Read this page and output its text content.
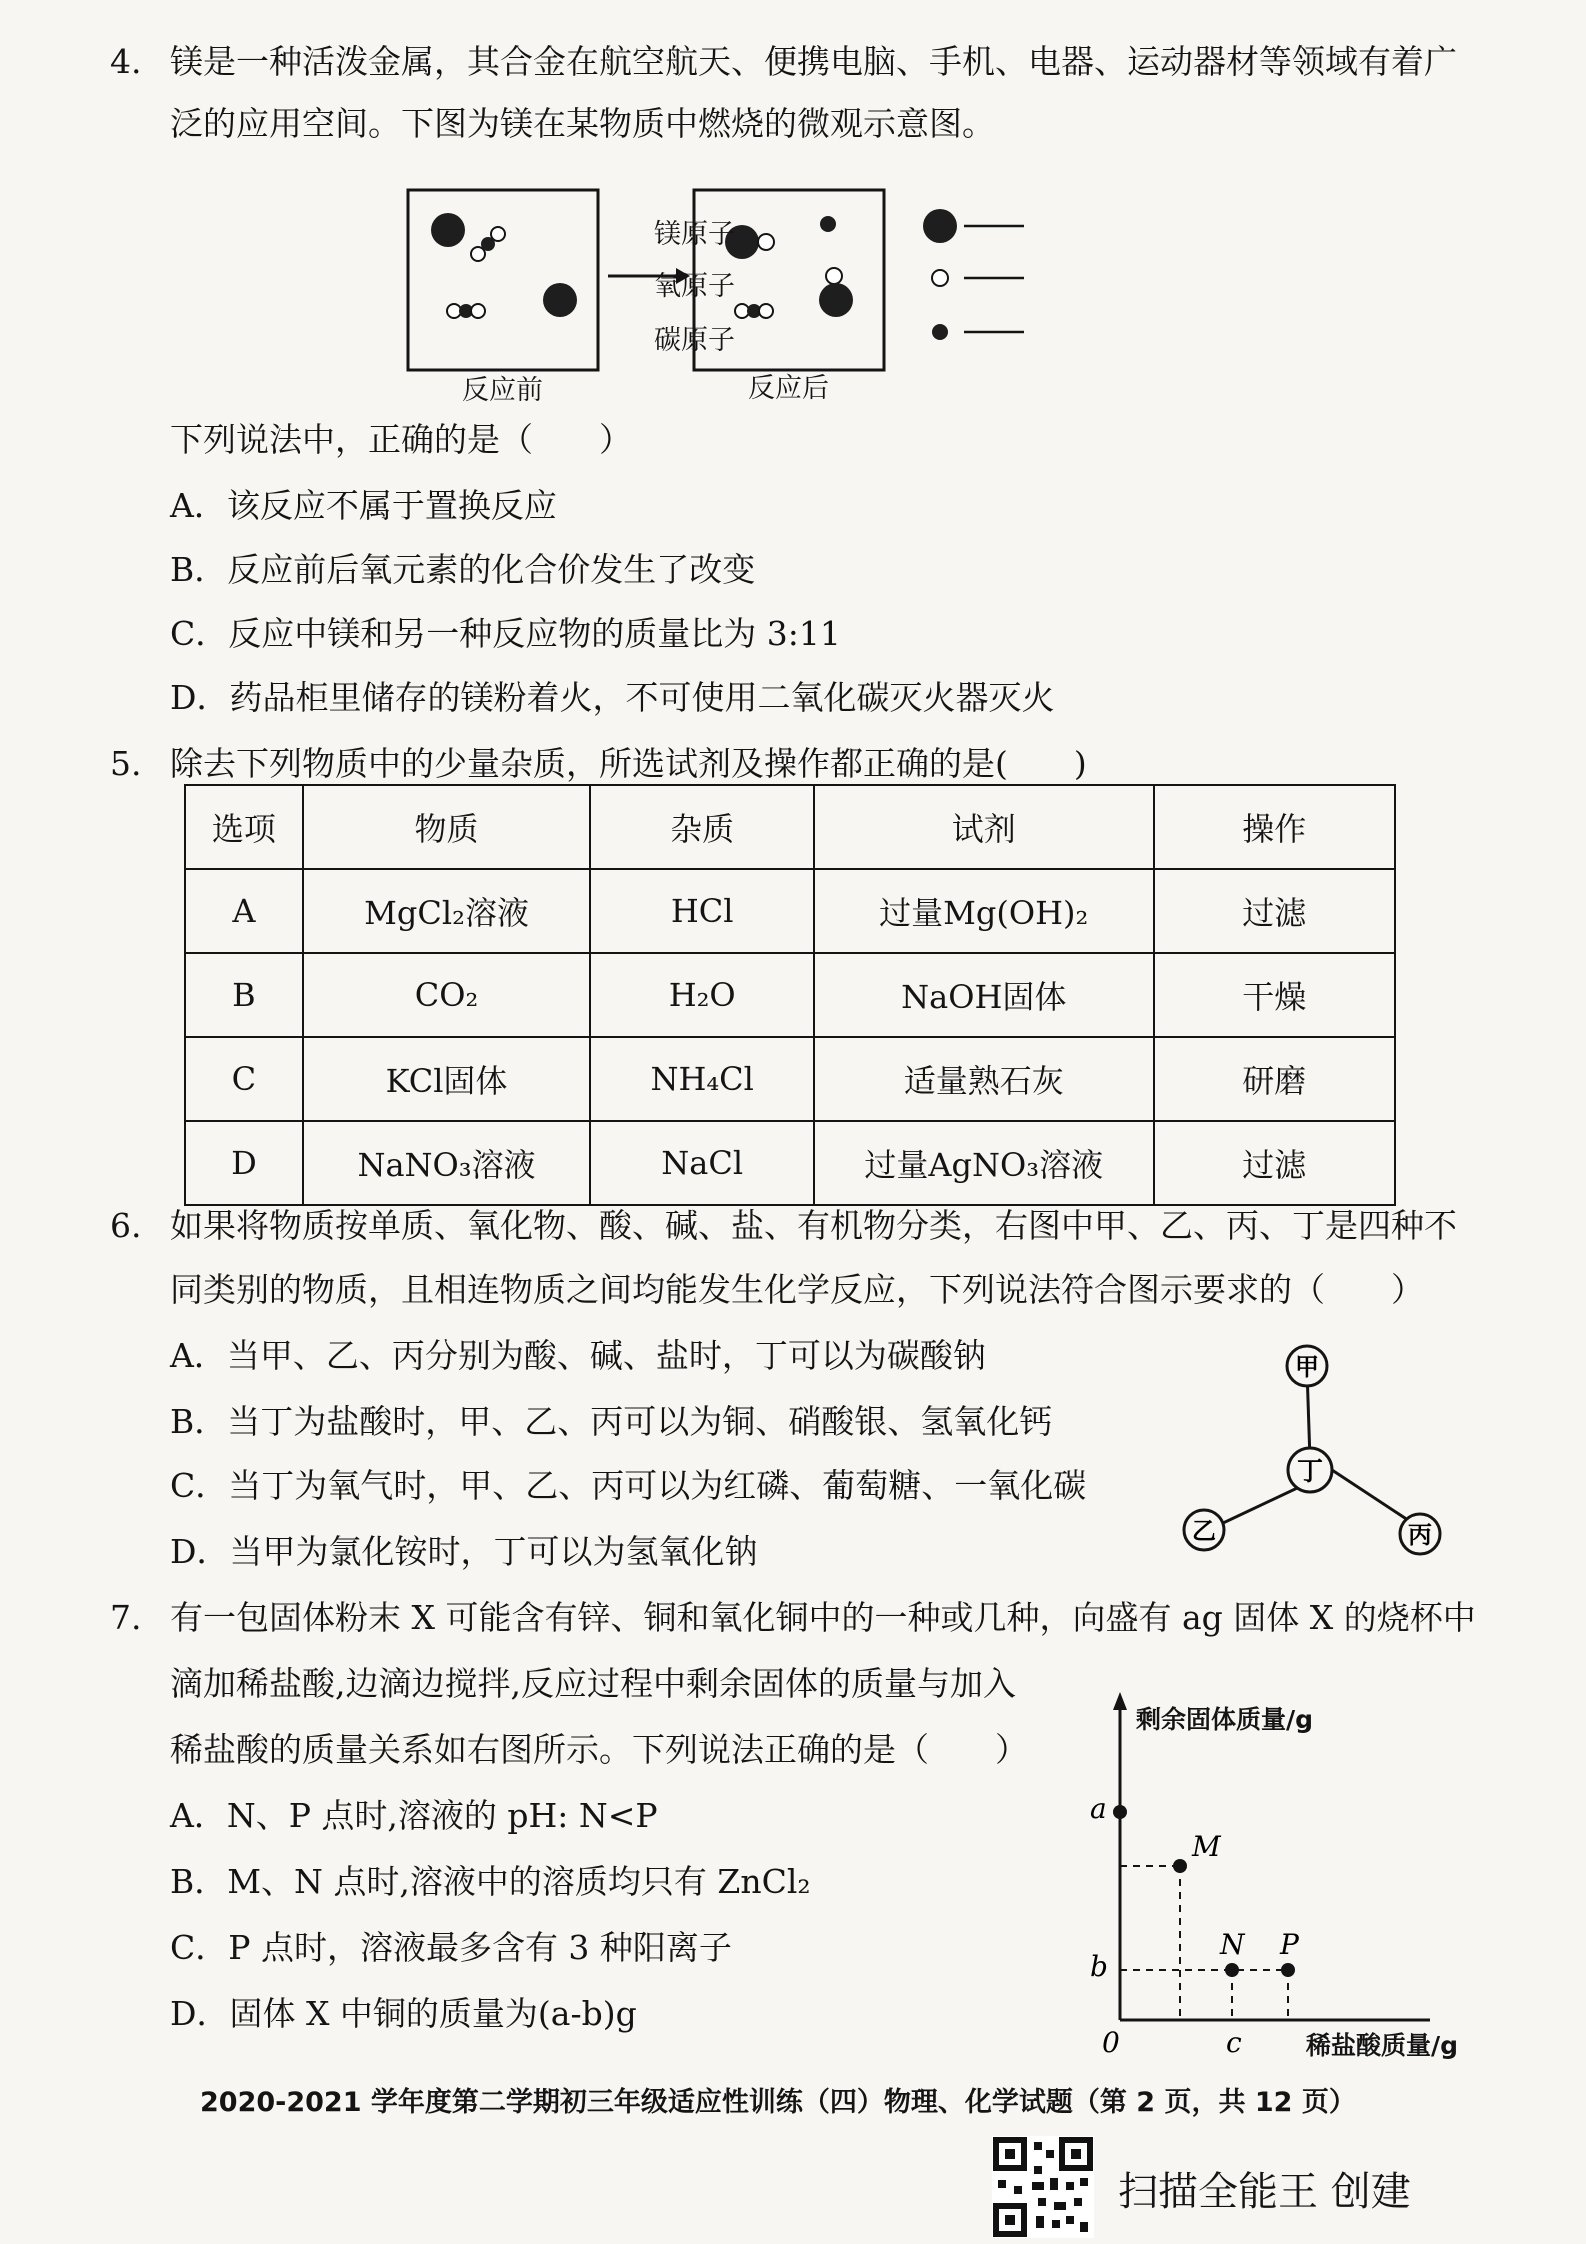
4. 镁是一种活泼金属，其合金在航空航天、便携电脑、手机、电器、运动器材等领域有着广
泛的应用空间。下图为镁在某物质中燃烧的微观示意图。
镁原子
氧原子
碳原子
反应前	反应后
下列说法中，正确的是（　　）
A．该反应不属于置换反应
B．反应前后氧元素的化合价发生了改变
C．反应中镁和另一种反应物的质量比为 3:11
D．药品柜里储存的镁粉着火，不可使用二氧化碳灭火器灭火
5. 除去下列物质中的少量杂质，所选试剂及操作都正确的是(　　)
选项	物质	杂质	试剂	操作
A	MgCl₂溶液	HCl	过量Mg(OH)₂	过滤
B	CO₂	H₂O	NaOH固体	干燥
C	KCl固体	NH₄Cl	适量熟石灰	研磨
D	NaNO₃溶液	NaCl	过量AgNO₃溶液	过滤
6. 如果将物质按单质、氧化物、酸、碱、盐、有机物分类，右图中甲、乙、丙、丁是四种不
同类别的物质，且相连物质之间均能发生化学反应，下列说法符合图示要求的（　　）
A．当甲、乙、丙分别为酸、碱、盐时，丁可以为碳酸钠
B．当丁为盐酸时，甲、乙、丙可以为铜、硝酸银、氢氧化钙
C．当丁为氧气时，甲、乙、丙可以为红磷、葡萄糖、一氧化碳
D．当甲为氯化铵时，丁可以为氢氧化钠
甲
丁
乙	丙
7. 有一包固体粉末 X 可能含有锌、铜和氧化铜中的一种或几种，向盛有 ag 固体 X 的烧杯中
滴加稀盐酸,边滴边搅拌,反应过程中剩余固体的质量与加入
稀盐酸的质量关系如右图所示。下列说法正确的是（　　）
A．N、P 点时,溶液的 pH: N<P
B．M、N 点时,溶液中的溶质均只有 ZnCl₂
C．P 点时，溶液最多含有 3 种阳离子
D．固体 X 中铜的质量为(a-b)g
a
b
M
N P
0	c
剩余固体质量/g
稀盐酸质量/g
2020-2021 学年度第二学期初三年级适应性训练（四）物理、化学试题（第 2 页，共 12 页）
扫描全能王 创建
